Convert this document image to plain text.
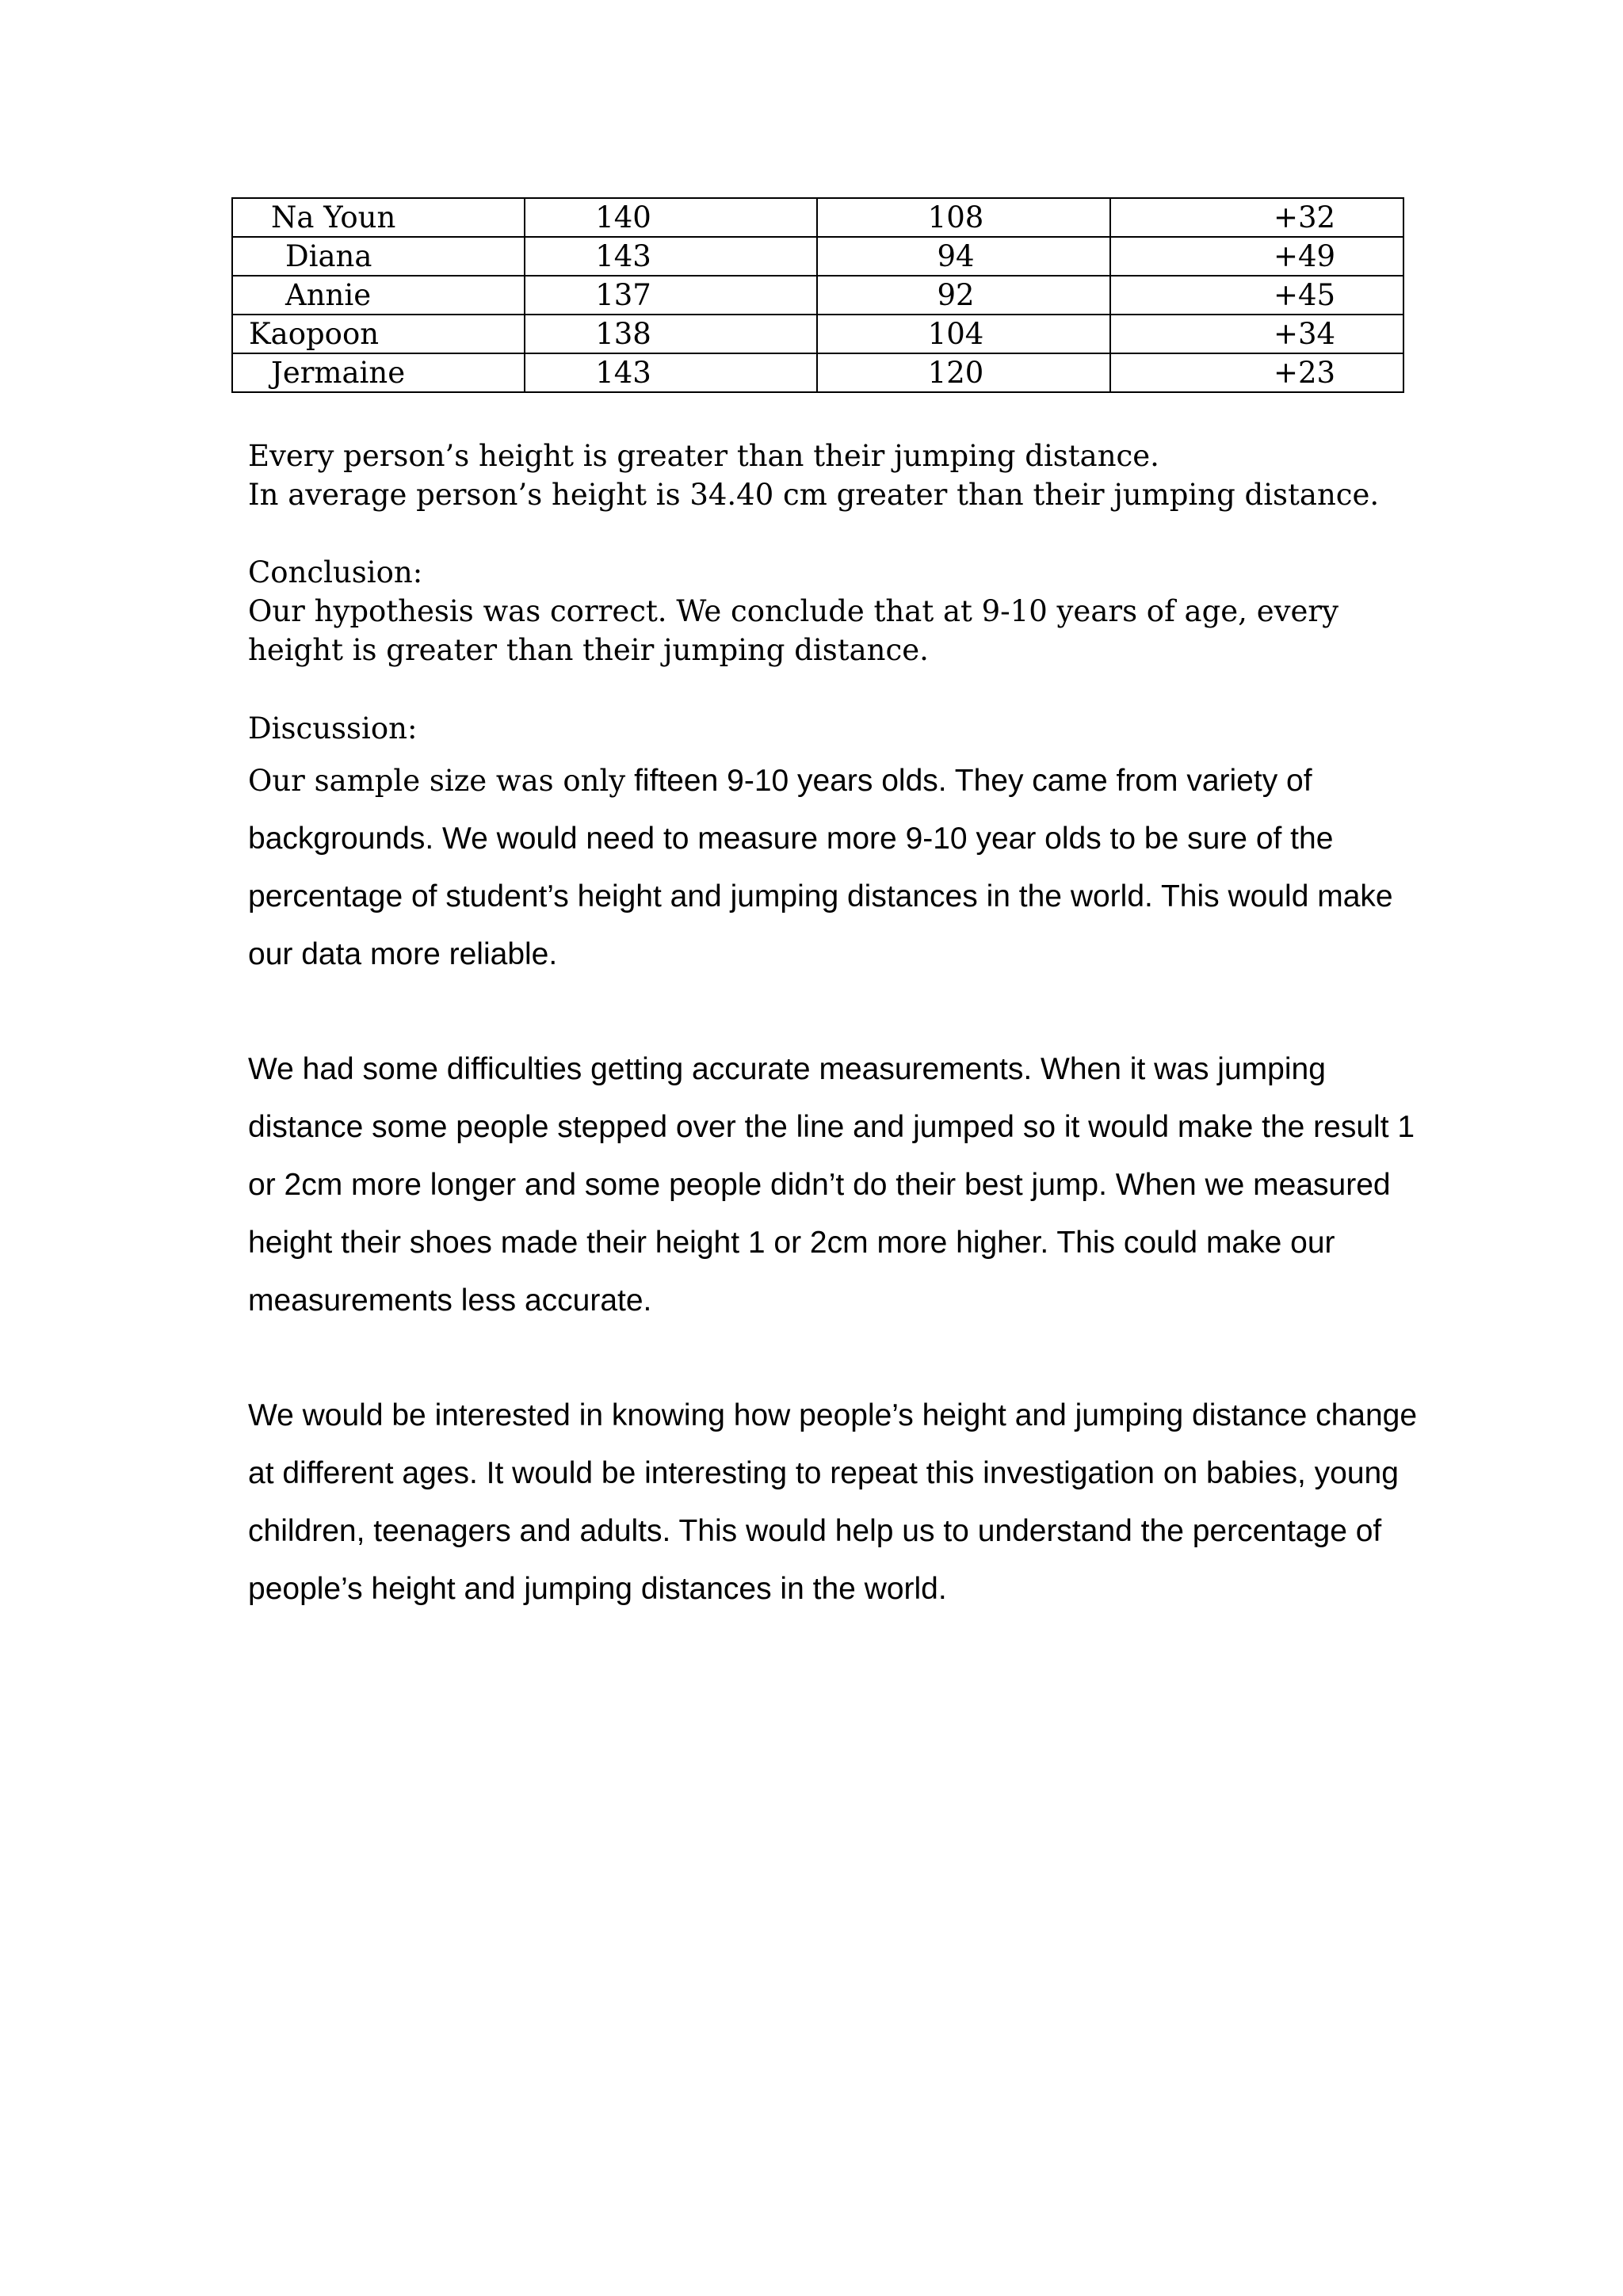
Na Youn	140	108	+32
Diana	143	94	+49
Annie	137	92	+45
Kaopoon	138	104	+34
Jermaine	143	120	+23

Every person’s height is greater than their jumping distance.

In average person’s height is 34.40 cm greater than their jumping distance.

Conclusion:

Our hypothesis was correct. We conclude that at 9-10 years of age, every height is greater than their jumping distance.

Discussion:

Our sample size was only fifteen 9-10 years olds. They came from variety of backgrounds. We would need to measure more 9-10 year olds to be sure of the percentage of student’s height and jumping distances in the world. This would make our data more reliable.

We had some difficulties getting accurate measurements. When it was jumping distance some people stepped over the line and jumped so it would make the result 1 or 2cm more longer and some people didn’t do their best jump. When we measured height their shoes made their height 1 or 2cm more higher. This could make our measurements less accurate.

We would be interested in knowing how people’s height and jumping distance change at different ages. It would be interesting to repeat this investigation on babies, young children, teenagers and adults. This would help us to understand the percentage of people’s height and jumping distances in the world.
